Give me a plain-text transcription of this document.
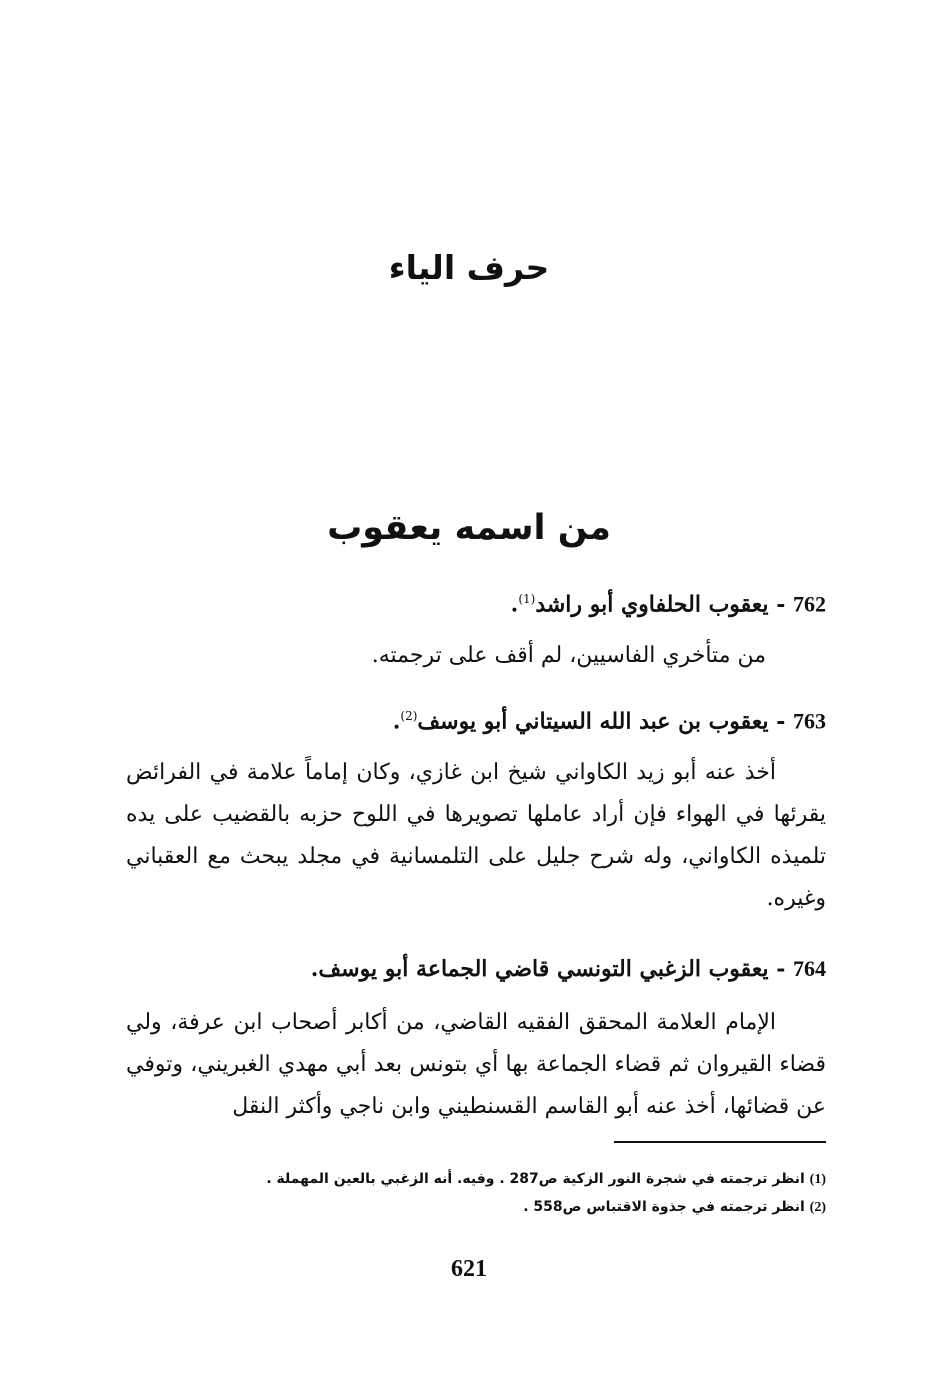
حرف الياء
من اسمه يعقوب
762 - يعقوب الحلفاوي أبو راشد$^{(1)}$.
من متأخري الفاسيين، لم أقف على ترجمته.
763 - يعقوب بن عبد الله السيتاني أبو يوسف$^{(2)}$.
أخذ عنه أبو زيد الكاواني شيخ ابن غازي، وكان إماماً علامة في الفرائض يقرئها في الهواء فإن أراد عاملها تصويرها في اللوح حزبه بالقضيب على يده تلميذه الكاواني، وله شرح جليل على التلمسانية في مجلد يبحث مع العقباني وغيره.
764 - يعقوب الزغبي التونسي قاضي الجماعة أبو يوسف.
الإمام العلامة المحقق الفقيه القاضي، من أكابر أصحاب ابن عرفة، ولي قضاء القيروان ثم قضاء الجماعة بها أي بتونس بعد أبي مهدي الغبريني، وتوفي عن قضائها، أخذ عنه أبو القاسم القسنطيني وابن ناجي وأكثر النقل
(1) انظر ترجمته في شجرة النور الزكية ص287 . وفيه. أنه الزغبي بالعين المهملة .
(2) انظر ترجمته في جذوة الاقتباس ص558 .
621
